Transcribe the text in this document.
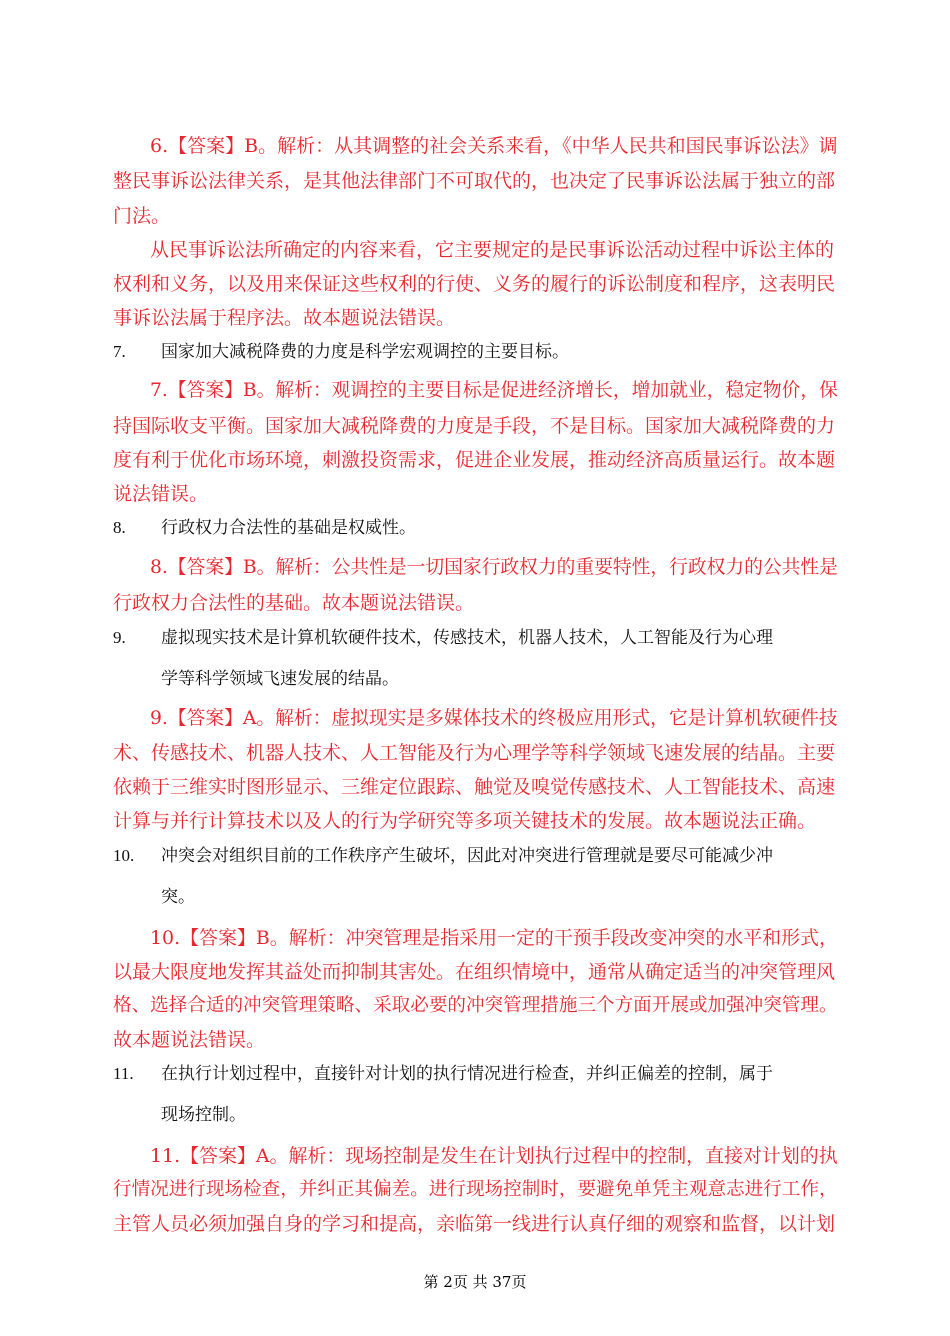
6.【答案】B。解析：从其调整的社会关系来看，《中华人民共和国民事诉讼法》调
整民事诉讼法律关系，是其他法律部门不可取代的，也决定了民事诉讼法属于独立的部
门法。
从民事诉讼法所确定的内容来看，它主要规定的是民事诉讼活动过程中诉讼主体的
权利和义务，以及用来保证这些权利的行使、义务的履行的诉讼制度和程序，这表明民
事诉讼法属于程序法。故本题说法错误。
7. 国家加大减税降费的力度是科学宏观调控的主要目标。
7.【答案】B。解析：观调控的主要目标是促进经济增长，增加就业，稳定物价，保
持国际收支平衡。国家加大减税降费的力度是手段，不是目标。国家加大减税降费的力
度有利于优化市场环境，刺激投资需求，促进企业发展，推动经济高质量运行。故本题
说法错误。
8. 行政权力合法性的基础是权威性。
8.【答案】B。解析：公共性是一切国家行政权力的重要特性，行政权力的公共性是
行政权力合法性的基础。故本题说法错误。
9. 虚拟现实技术是计算机软硬件技术，传感技术，机器人技术，人工智能及行为心理
学等科学领域飞速发展的结晶。
9.【答案】A。解析：虚拟现实是多媒体技术的终极应用形式，它是计算机软硬件技
术、传感技术、机器人技术、人工智能及行为心理学等科学领域飞速发展的结晶。主要
依赖于三维实时图形显示、三维定位跟踪、触觉及嗅觉传感技术、人工智能技术、高速
计算与并行计算技术以及人的行为学研究等多项关键技术的发展。故本题说法正确。
10. 冲突会对组织目前的工作秩序产生破坏，因此对冲突进行管理就是要尽可能减少冲
突。
10.【答案】B。解析：冲突管理是指采用一定的干预手段改变冲突的水平和形式，
以最大限度地发挥其益处而抑制其害处。在组织情境中，通常从确定适当的冲突管理风
格、选择合适的冲突管理策略、采取必要的冲突管理措施三个方面开展或加强冲突管理。
故本题说法错误。
11. 在执行计划过程中，直接针对计划的执行情况进行检查，并纠正偏差的控制，属于
现场控制。
11.【答案】A。解析：现场控制是发生在计划执行过程中的控制，直接对计划的执
行情况进行现场检查，并纠正其偏差。进行现场控制时，要避免单凭主观意志进行工作，
主管人员必须加强自身的学习和提高，亲临第一线进行认真仔细的观察和监督，以计划
第 2页 共 37页
